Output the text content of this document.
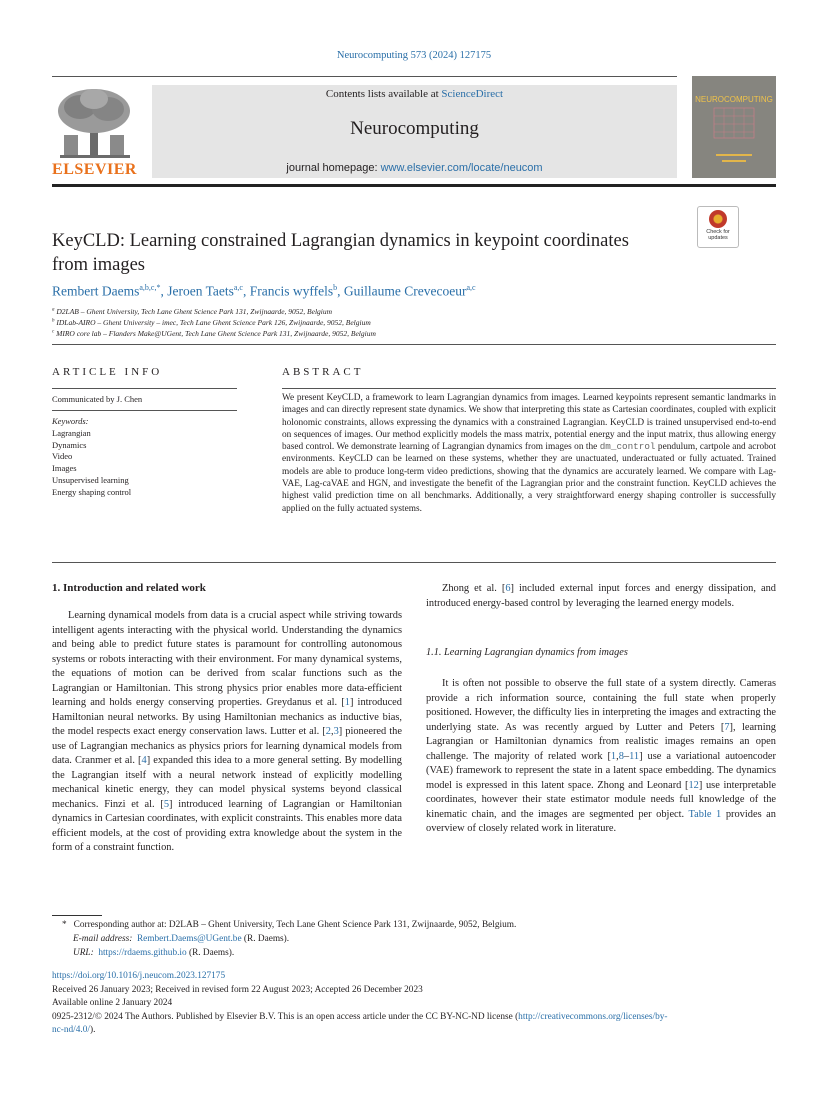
Neurocomputing 573 (2024) 127175
ELSEVIER
Contents lists available at ScienceDirect
Neurocomputing
journal homepage: www.elsevier.com/locate/neucom
NEUROCOMPUTING
KeyCLD: Learning constrained Lagrangian dynamics in keypoint coordinates
from images
Check for
updates
Rembert Daems$^{a,b,c,*}$, Jeroen Taets$^{a,c}$, Francis wyffels$^b$, Guillaume Crevecoeur$^{a,c}$
$^a$ D2LAB – Ghent University, Tech Lane Ghent Science Park 131, Zwijnaarde, 9052, Belgium
$^b$ IDLab-AIRO – Ghent University – imec, Tech Lane Ghent Science Park 126, Zwijnaarde, 9052, Belgium
$^c$ MIRO core lab – Flanders Make@UGent, Tech Lane Ghent Science Park 131, Zwijnaarde, 9052, Belgium
ARTICLE INFO
Communicated by J. Chen
Keywords:
Lagrangian
Dynamics
Video
Images
Unsupervised learning
Energy shaping control
ABSTRACT
We present KeyCLD, a framework to learn Lagrangian dynamics from images. Learned keypoints represent semantic landmarks in images and can directly represent state dynamics. We show that interpreting this state as Cartesian coordinates, coupled with explicit holonomic constraints, allows expressing the dynamics with a constrained Lagrangian. KeyCLD is trained unsupervised end-to-end on sequences of images. Our method explicitly models the mass matrix, potential energy and the input matrix, thus allowing energy based control. We demonstrate learning of Lagrangian dynamics from images on the dm_control pendulum, cartpole and acrobot environments. KeyCLD can be learned on these systems, whether they are unactuated, underactuated or fully actuated. Trained models are able to produce long-term video predictions, showing that the dynamics are accurately learned. We compare with Lag-VAE, Lag-caVAE and HGN, and investigate the benefit of the Lagrangian prior and the constraint function. KeyCLD achieves the highest valid prediction time on all benchmarks. Additionally, a very straightforward energy shaping controller is successfully applied on the fully actuated systems.
1. Introduction and related work
Learning dynamical models from data is a crucial aspect while striving towards intelligent agents interacting with the physical world. Understanding the dynamics and being able to predict future states is paramount for controlling autonomous systems or robots interacting with their environment. For many dynamical systems, the equations of motion can be derived from scalar functions such as the Lagrangian or Hamiltonian. This strong physics prior enables more data-efficient learning and holds energy conserving properties. Greydanus et al. [1] introduced Hamiltonian neural networks. By using Hamiltonian mechanics as inductive bias, the model respects exact energy conservation laws. Lutter et al. [2,3] pioneered the use of Lagrangian mechanics as physics priors for learning dynamical models from data. Cranmer et al. [4] expanded this idea to a more general setting. By modelling the Lagrangian itself with a neural network instead of explicitly modelling mechanical kinetic energy, they can model physical systems beyond classical mechanics. Finzi et al. [5] introduced learning of Lagrangian or Hamiltonian dynamics in Cartesian coordinates, with explicit constraints. This enables more data efficient models, at the cost of providing extra knowledge about the system in the form of a constraint function.
Zhong et al. [6] included external input forces and energy dissipation, and introduced energy-based control by leveraging the learned energy models.
1.1. Learning Lagrangian dynamics from images
It is often not possible to observe the full state of a system directly. Cameras provide a rich information source, containing the full state when properly positioned. However, the difficulty lies in interpreting the images and extracting the underlying state. As was recently argued by Lutter and Peters [7], learning Lagrangian or Hamiltonian dynamics from realistic images remains an open challenge. The majority of related work [1,8–11] use a variational autoencoder (VAE) framework to represent the state in a latent space embedding. The dynamics model is expressed in this latent space. Zhong and Leonard [12] use interpretable coordinates, however their state estimator module needs full knowledge of the kinematic chain, and the images are segmented per object. Table 1 provides an overview of closely related work in literature.
* Corresponding author at: D2LAB – Ghent University, Tech Lane Ghent Science Park 131, Zwijnaarde, 9052, Belgium.
E-mail address: Rembert.Daems@UGent.be (R. Daems).
URL: https://rdaems.github.io (R. Daems).
https://doi.org/10.1016/j.neucom.2023.127175
Received 26 January 2023; Received in revised form 22 August 2023; Accepted 26 December 2023
Available online 2 January 2024
0925-2312/© 2024 The Authors. Published by Elsevier B.V. This is an open access article under the CC BY-NC-ND license (http://creativecommons.org/licenses/by-
nc-nd/4.0/).
